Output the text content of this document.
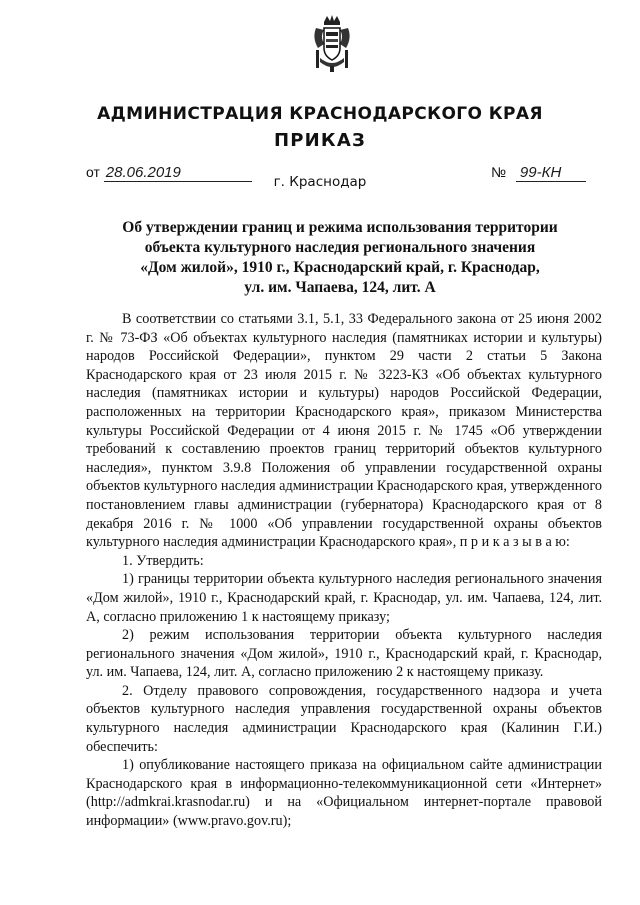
АДМИНИСТРАЦИЯ КРАСНОДАРСКОГО КРАЯ
ПРИКАЗ
от 28.06.2019	№ 99-КН
г. Краснодар
Об утверждении границ и режима использования территории
объекта культурного наследия регионального значения
«Дом жилой», 1910 г., Краснодарский край, г. Краснодар,
ул. им. Чапаева, 124, лит. А

В соответствии со статьями 3.1, 5.1, 33 Федерального закона от 25 июня 2002 г. № 73-ФЗ «Об объектах культурного наследия (памятниках истории и культуры) народов Российской Федерации», пунктом 29 части 2 статьи 5 Закона Краснодарского края от 23 июля 2015 г. № 3223-КЗ «Об объектах культурного наследия (памятниках истории и культуры) народов Российской Федерации, расположенных на территории Краснодарского края», приказом Министерства культуры Российской Федерации от 4 июня 2015 г. № 1745 «Об утверждении требований к составлению проектов границ территорий объектов культурного наследия», пунктом 3.9.8 Положения об управлении государственной охраны объектов культурного наследия администрации Краснодарского края, утвержденного постановлением главы администрации (губернатора) Краснодарского края от 8 декабря 2016 г. № 1000 «Об управлении государственной охраны объектов культурного наследия администрации Краснодарского края», п р и к а з ы в а ю:

1. Утвердить:

1) границы территории объекта культурного наследия регионального значения «Дом жилой», 1910 г., Краснодарский край, г. Краснодар, ул. им. Чапаева, 124, лит. А, согласно приложению 1 к настоящему приказу;

2) режим использования территории объекта культурного наследия регионального значения «Дом жилой», 1910 г., Краснодарский край, г. Краснодар, ул. им. Чапаева, 124, лит. А, согласно приложению 2 к настоящему приказу.

2. Отделу правового сопровождения, государственного надзора и учета объектов культурного наследия управления государственной охраны объектов культурного наследия администрации Краснодарского края (Калинин Г.И.) обеспечить:

1) опубликование настоящего приказа на официальном сайте администрации Краснодарского края в информационно-телекоммуникационной сети «Интернет» (http://admkrai.krasnodar.ru) и на «Официальном интернет-портале правовой информации» (www.pravo.gov.ru);
